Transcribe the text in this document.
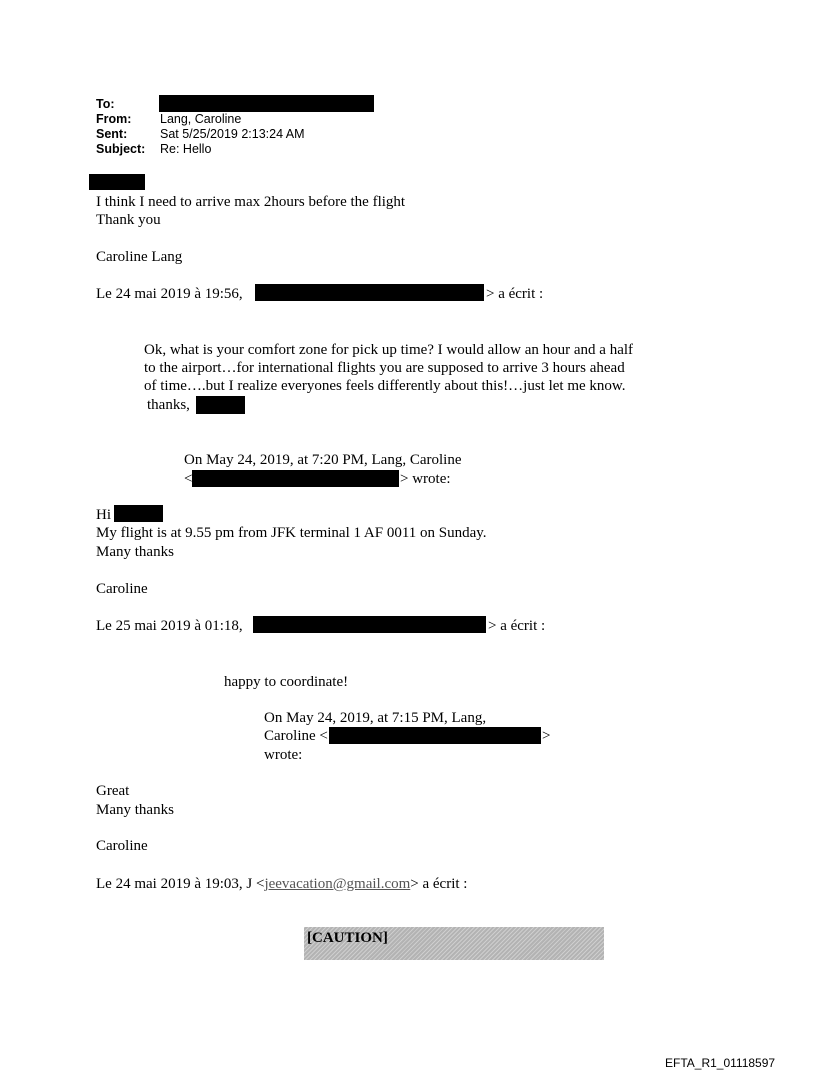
To:
From: Lang, Caroline
Sent:	Sat 5/25/2019 2:13:24 AM
Subject: Re: Hello
I think I need to arrive max 2hours before the flight
Thank you
Caroline Lang
Le 24 mai 2019 à 19:56,	> a écrit :
Ok, what is your comfort zone for pick up time? I would allow an hour and a half
to the airport…for international flights you are supposed to arrive 3 hours ahead
of time….but I realize everyones feels differently about this!…just let me know.
thanks,
On May 24, 2019, at 7:20 PM, Lang, Caroline
<	> wrote:
Hi
My flight is at 9.55 pm from JFK terminal 1 AF 0011 on Sunday.
Many thanks
Caroline
Le 25 mai 2019 à 01:18,	> a écrit :
happy to coordinate!
On May 24, 2019, at 7:15 PM, Lang,
Caroline <	>
wrote:
Great
Many thanks
Caroline
Le 24 mai 2019 à 19:03, J <jeevacation@gmail.com> a écrit :
[CAUTION]
EFTA_R1_01118597
